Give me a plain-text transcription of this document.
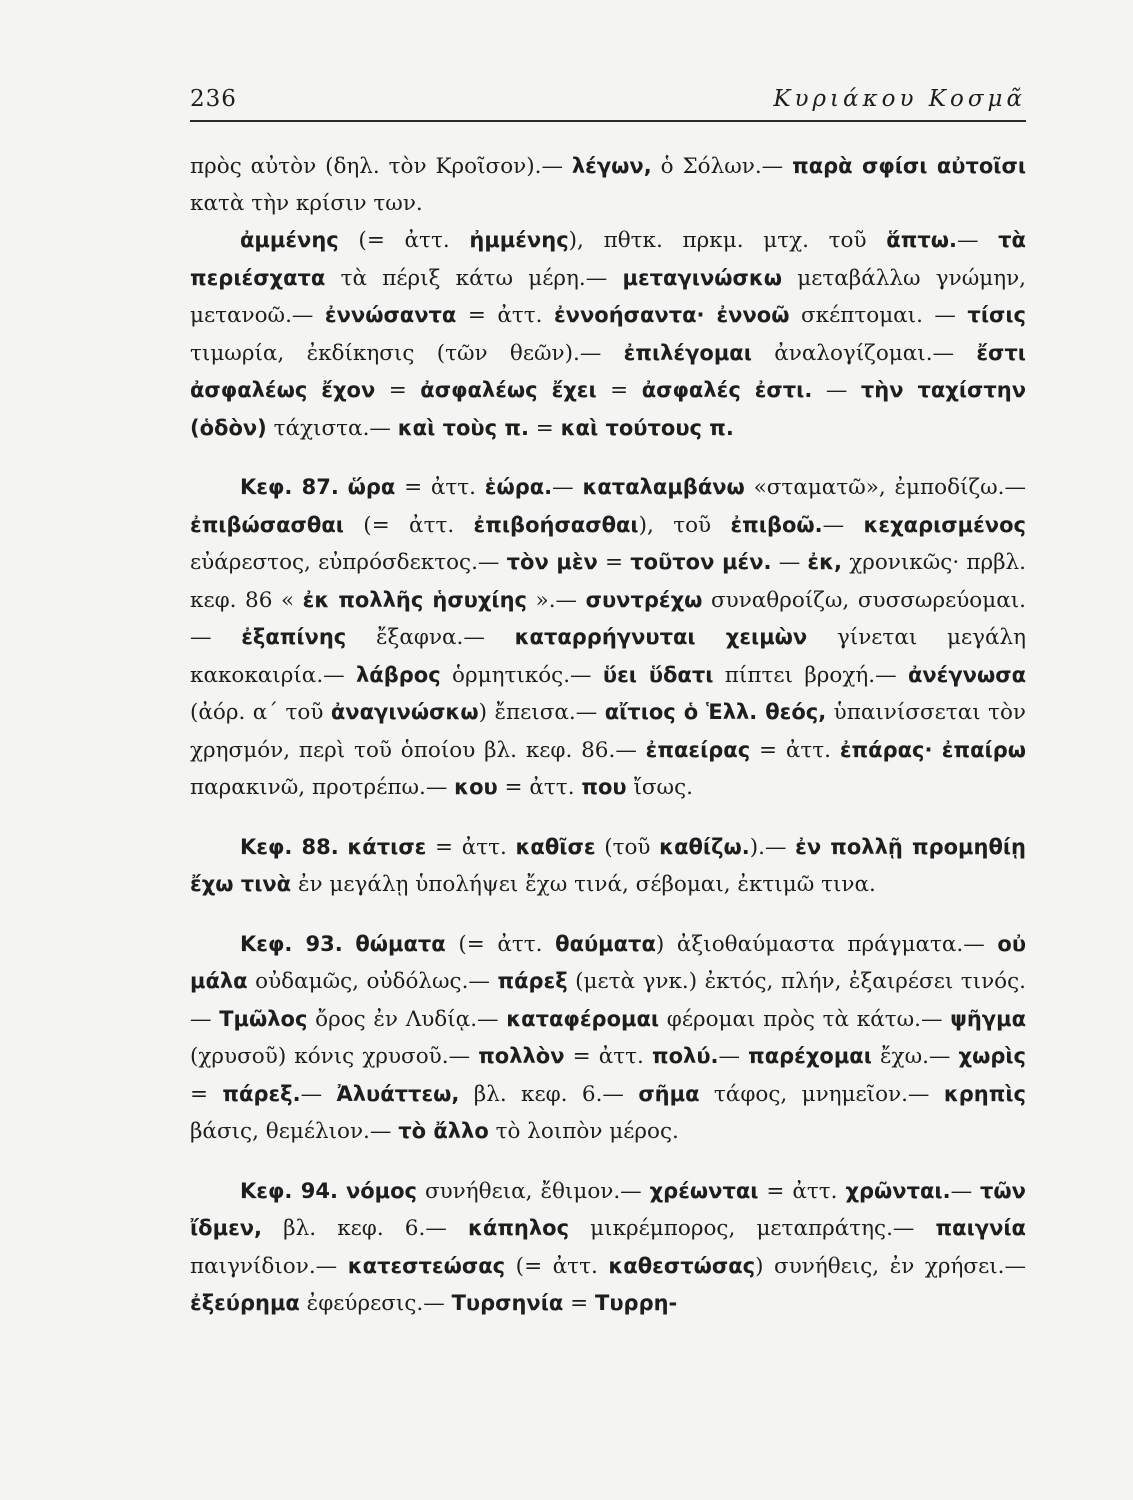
236	Κυριάκου Κοσμᾶ

πρὸς αὐτὸν (δηλ. τὸν Κροῖσον).— λέγων, ὁ Σόλων.— παρὰ σφίσι αὐτοῖσι κατὰ τὴν κρίσιν των.

ἀμμένης (= ἀττ. ἠμμένης), πθτκ. πρκμ. μτχ. τοῦ ἅπτω.— τὰ περιέσχατα τὰ πέριξ κάτω μέρη.— μεταγινώσκω μεταβάλλω γνώμην, μετανοῶ.— ἐννώσαντα = ἀττ. ἐννοήσαντα· ἐννοῶ σκέπτομαι. — τίσις τιμωρία, ἐκδίκησις (τῶν θεῶν).— ἐπιλέγομαι ἀναλογίζομαι.— ἔστι ἀσφαλέως ἔχον = ἀσφαλέως ἔχει = ἀσφαλές ἐστι. — τὴν ταχίστην (ὁδὸν) τάχιστα.— καὶ τοὺς π. = καὶ τούτους π.

Κεφ. 87. ὥρα = ἀττ. ἑώρα.— καταλαμβάνω «σταματῶ», ἐμποδίζω.— ἐπιβώσασθαι (= ἀττ. ἐπιβοήσασθαι), τοῦ ἐπιβοῶ.— κεχαρισμένος εὐάρεστος, εὐπρόσδεκτος.— τὸν μὲν = τοῦτον μέν. — ἐκ, χρονικῶς· πρβλ. κεφ. 86 « ἐκ πολλῆς ἡσυχίης ».— συντρέχω συναθροίζω, συσσωρεύομαι.— ἐξαπίνης ἔξαφνα.— καταρρήγνυται χειμὼν γίνεται μεγάλη κακοκαιρία.— λάβρος ὁρμητικός.— ὕει ὕδατι πίπτει βροχή.— ἀνέγνωσα (ἀόρ. α΄ τοῦ ἀναγινώσκω) ἔπεισα.— αἴτιος ὁ Ἑλλ. θεός, ὑπαινίσσεται τὸν χρησμόν, περὶ τοῦ ὁποίου βλ. κεφ. 86.— ἐπαείρας = ἀττ. ἐπάρας· ἐπαίρω παρακινῶ, προτρέπω.— κου = ἀττ. που ἴσως.

Κεφ. 88. κάτισε = ἀττ. καθῖσε (τοῦ καθίζω.).— ἐν πολλῇ προμηθίῃ ἔχω τινὰ ἐν μεγάλῃ ὑπολήψει ἔχω τινά, σέβομαι, ἐκτιμῶ τινα.

Κεφ. 93. θώματα (= ἀττ. θαύματα) ἀξιοθαύμαστα πράγματα.— οὐ μάλα οὐδαμῶς, οὐδόλως.— πάρεξ (μετὰ γνκ.) ἐκτός, πλήν, ἐξαιρέσει τινός.— Τμῶλος ὄρος ἐν Λυδίᾳ.— καταφέρομαι φέρομαι πρὸς τὰ κάτω.— ψῆγμα (χρυσοῦ) κόνις χρυσοῦ.— πολλὸν = ἀττ. πολύ.— παρέχομαι ἔχω.— χωρὶς = πάρεξ.— Ἀλυάττεω, βλ. κεφ. 6.— σῆμα τάφος, μνημεῖον.— κρηπὶς βάσις, θεμέλιον.— τὸ ἄλλο τὸ λοιπὸν μέρος.

Κεφ. 94. νόμος συνήθεια, ἔθιμον.— χρέωνται = ἀττ. χρῶνται.— τῶν ἴδμεν, βλ. κεφ. 6.— κάπηλος μικρέμπορος, μεταπράτης.— παιγνία παιγνίδιον.— κατεστεώσας (= ἀττ. καθεστώσας) συνήθεις, ἐν χρήσει.— ἐξεύρημα ἐφεύρεσις.— Τυρσηνία = Τυρρη-
